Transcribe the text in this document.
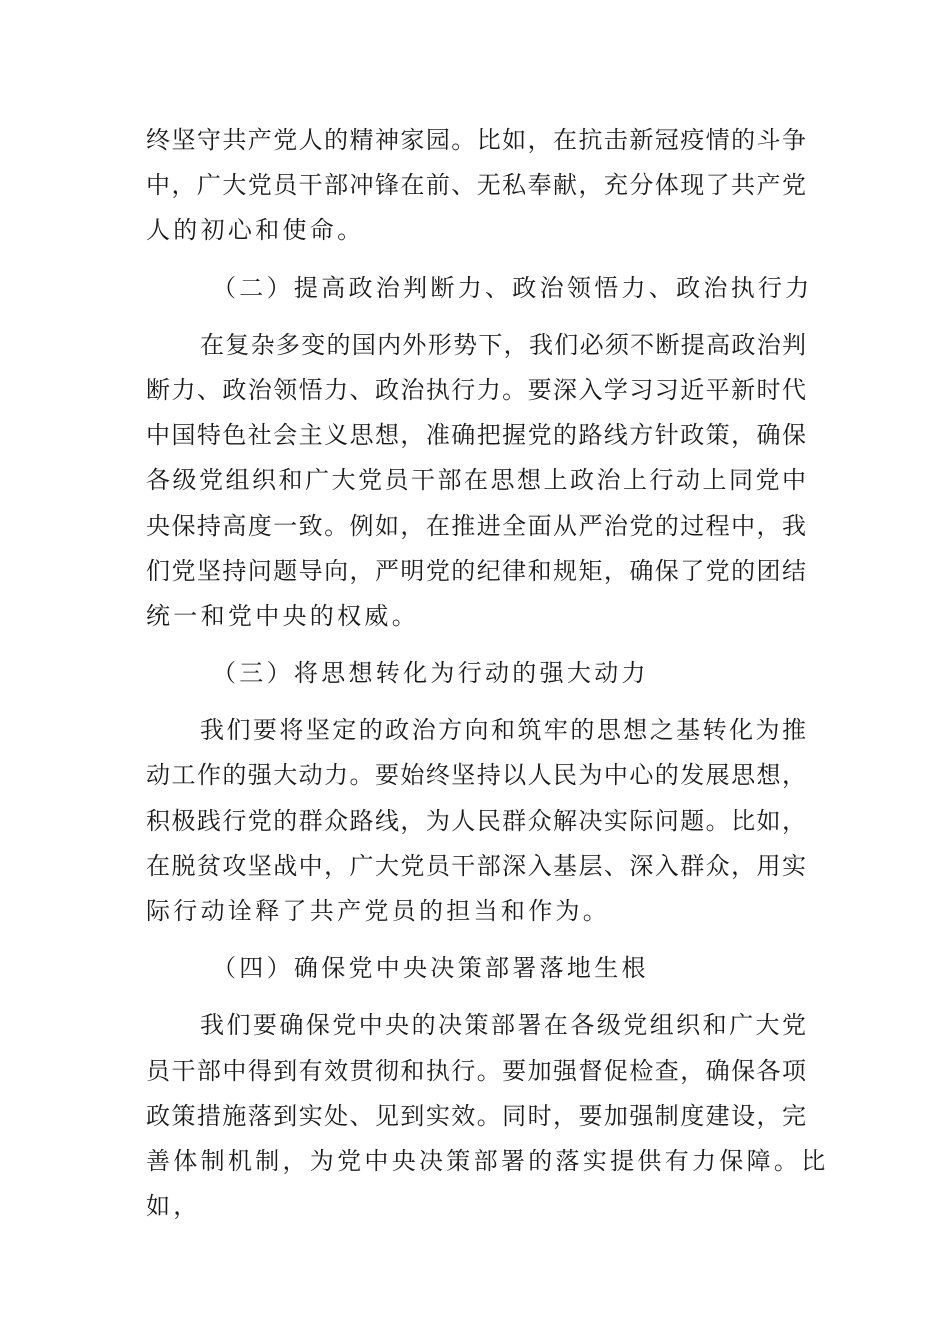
终坚守共产党人的精神家园。比如，在抗击新冠疫情的斗争
中，广大党员干部冲锋在前、无私奉献，充分体现了共产党
人的初心和使命。
（二）提高政治判断力、政治领悟力、政治执行力
在复杂多变的国内外形势下，我们必须不断提高政治判
断力、政治领悟力、政治执行力。要深入学习习近平新时代
中国特色社会主义思想，准确把握党的路线方针政策，确保
各级党组织和广大党员干部在思想上政治上行动上同党中
央保持高度一致。例如，在推进全面从严治党的过程中，我
们党坚持问题导向，严明党的纪律和规矩，确保了党的团结
统一和党中央的权威。
（三）将思想转化为行动的强大动力
我们要将坚定的政治方向和筑牢的思想之基转化为推
动工作的强大动力。要始终坚持以人民为中心的发展思想，
积极践行党的群众路线，为人民群众解决实际问题。比如，
在脱贫攻坚战中，广大党员干部深入基层、深入群众，用实
际行动诠释了共产党员的担当和作为。
（四）确保党中央决策部署落地生根
我们要确保党中央的决策部署在各级党组织和广大党
员干部中得到有效贯彻和执行。要加强督促检查，确保各项
政策措施落到实处、见到实效。同时，要加强制度建设，完
善体制机制，为党中央决策部署的落实提供有力保障。比
如，
